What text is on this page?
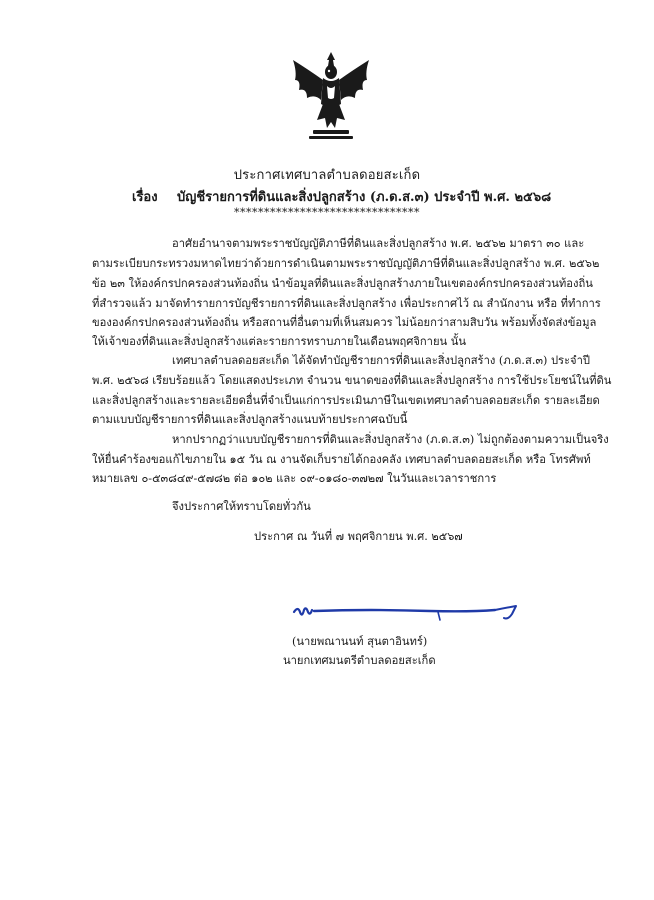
ประกาศเทศบาลตำบลดอยสะเก็ด
เรื่อง บัญชีรายการที่ดินและสิ่งปลูกสร้าง (ภ.ด.ส.๓) ประจำปี พ.ศ. ๒๕๖๘
*******************************
อาศัยอำนาจตามพระราชบัญญัติภาษีที่ดินและสิ่งปลูกสร้าง พ.ศ. ๒๕๖๒ มาตรา ๓๐ และ
ตามระเบียบกระทรวงมหาดไทยว่าด้วยการดำเนินตามพระราชบัญญัติภาษีที่ดินและสิ่งปลูกสร้าง พ.ศ. ๒๕๖๒
ข้อ ๒๓ ให้องค์กรปกครองส่วนท้องถิ่น นำข้อมูลที่ดินและสิ่งปลูกสร้างภายในเขตองค์กรปกครองส่วนท้องถิ่น
ที่สำรวจแล้ว มาจัดทำรายการบัญชีรายการที่ดินและสิ่งปลูกสร้าง เพื่อประกาศไว้ ณ สำนักงาน หรือ ที่ทำการ
ขององค์กรปกครองส่วนท้องถิ่น หรือสถานที่อื่นตามที่เห็นสมควร ไม่น้อยกว่าสามสิบวัน พร้อมทั้งจัดส่งข้อมูล
ให้เจ้าของที่ดินและสิ่งปลูกสร้างแต่ละรายการทราบภายในเดือนพฤศจิกายน นั้น
เทศบาลตำบลดอยสะเก็ด ได้จัดทำบัญชีรายการที่ดินและสิ่งปลูกสร้าง (ภ.ด.ส.๓) ประจำปี
พ.ศ. ๒๕๖๘ เรียบร้อยแล้ว โดยแสดงประเภท จำนวน ขนาดของที่ดินและสิ่งปลูกสร้าง การใช้ประโยชน์ในที่ดิน
และสิ่งปลูกสร้างและรายละเอียดอื่นที่จำเป็นแก่การประเมินภาษีในเขตเทศบาลตำบลดอยสะเก็ด รายละเอียด
ตามแบบบัญชีรายการที่ดินและสิ่งปลูกสร้างแนบท้ายประกาศฉบับนี้
หากปรากฏว่าแบบบัญชีรายการที่ดินและสิ่งปลูกสร้าง (ภ.ด.ส.๓) ไม่ถูกต้องตามความเป็นจริง
ให้ยื่นคำร้องขอแก้ไขภายใน ๑๕ วัน ณ งานจัดเก็บรายได้กองคลัง เทศบาลตำบลดอยสะเก็ด หรือ โทรศัพท์
หมายเลข ๐-๕๓๘๔๙-๕๗๘๒ ต่อ ๑๐๒ และ ๐๙-๐๑๘๐-๓๗๒๗ ในวันและเวลาราชการ
จึงประกาศให้ทราบโดยทั่วกัน
ประกาศ ณ วันที่ ๗ พฤศจิกายน พ.ศ. ๒๕๖๗
(นายพณานนท์ สุนตาอินทร์)
นายกเทศมนตรีตำบลดอยสะเก็ด
